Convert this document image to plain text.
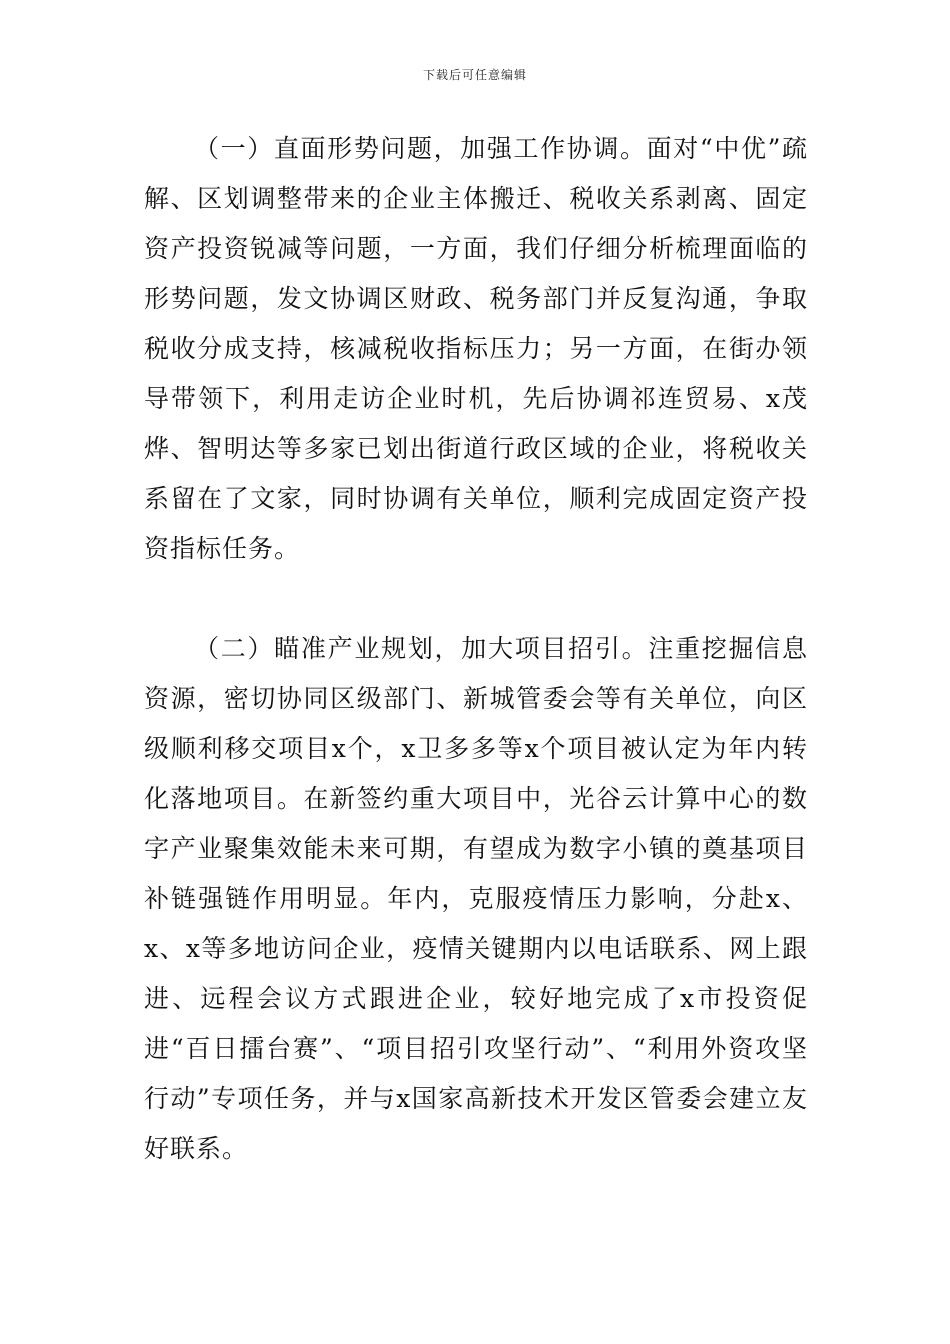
下载后可任意编辑

（一）直面形势问题，加强工作协调。面对“中优”疏解、区划调整带来的企业主体搬迁、税收关系剥离、固定资产投资锐减等问题，一方面，我们仔细分析梳理面临的形势问题，发文协调区财政、税务部门并反复沟通，争取税收分成支持，核减税收指标压力；另一方面，在街办领导带领下，利用走访企业时机，先后协调祁连贸易、x茂烨、智明达等多家已划出街道行政区域的企业，将税收关系留在了文家，同时协调有关单位，顺利完成固定资产投资指标任务。

（二）瞄准产业规划，加大项目招引。注重挖掘信息资源，密切协同区级部门、新城管委会等有关单位，向区级顺利移交项目x个，x卫多多等x个项目被认定为年内转化落地项目。在新签约重大项目中，光谷云计算中心的数字产业聚集效能未来可期，有望成为数字小镇的奠基项目补链强链作用明显。年内，克服疫情压力影响，分赴x、x、x等多地访问企业，疫情关键期内以电话联系、网上跟进、远程会议方式跟进企业，较好地完成了x市投资促进“百日擂台赛”、“项目招引攻坚行动”、“利用外资攻坚行动”专项任务，并与x国家高新技术开发区管委会建立友好联系。
